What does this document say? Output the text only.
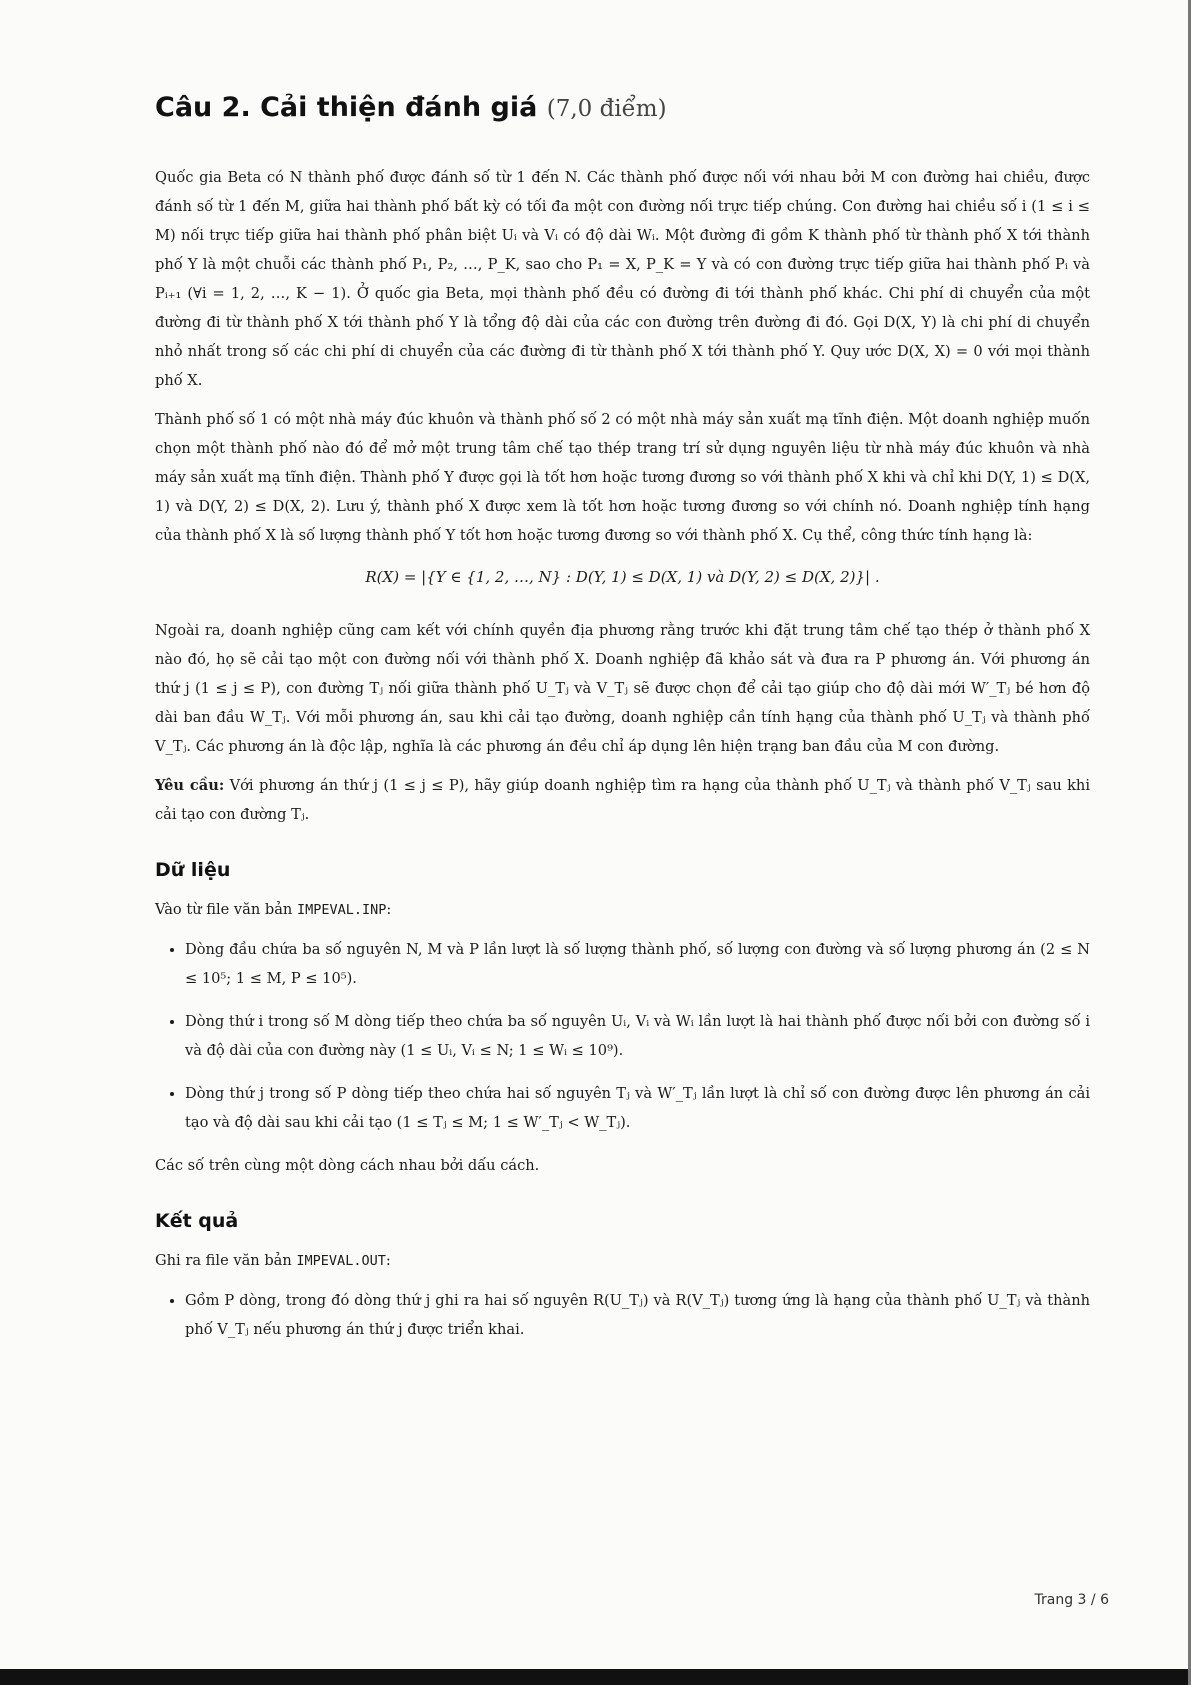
Câu 2. Cải thiện đánh giá (7,0 điểm)

Quốc gia Beta có N thành phố được đánh số từ 1 đến N. Các thành phố được nối với nhau bởi M con đường hai chiều, được đánh số từ 1 đến M, giữa hai thành phố bất kỳ có tối đa một con đường nối trực tiếp chúng. Con đường hai chiều số i (1 ≤ i ≤ M) nối trực tiếp giữa hai thành phố phân biệt Uᵢ và Vᵢ có độ dài Wᵢ. Một đường đi gồm K thành phố từ thành phố X tới thành phố Y là một chuỗi các thành phố P₁, P₂, …, P_K, sao cho P₁ = X, P_K = Y và có con đường trực tiếp giữa hai thành phố Pᵢ và Pᵢ₊₁ (∀i = 1, 2, …, K − 1). Ở quốc gia Beta, mọi thành phố đều có đường đi tới thành phố khác. Chi phí di chuyển của một đường đi từ thành phố X tới thành phố Y là tổng độ dài của các con đường trên đường đi đó. Gọi D(X, Y) là chi phí di chuyển nhỏ nhất trong số các chi phí di chuyển của các đường đi từ thành phố X tới thành phố Y. Quy ước D(X, X) = 0 với mọi thành phố X.

Thành phố số 1 có một nhà máy đúc khuôn và thành phố số 2 có một nhà máy sản xuất mạ tĩnh điện. Một doanh nghiệp muốn chọn một thành phố nào đó để mở một trung tâm chế tạo thép trang trí sử dụng nguyên liệu từ nhà máy đúc khuôn và nhà máy sản xuất mạ tĩnh điện. Thành phố Y được gọi là tốt hơn hoặc tương đương so với thành phố X khi và chỉ khi D(Y, 1) ≤ D(X, 1) và D(Y, 2) ≤ D(X, 2). Lưu ý, thành phố X được xem là tốt hơn hoặc tương đương so với chính nó. Doanh nghiệp tính hạng của thành phố X là số lượng thành phố Y tốt hơn hoặc tương đương so với thành phố X. Cụ thể, công thức tính hạng là:

R(X) = |{Y ∈ {1, 2, …, N} : D(Y, 1) ≤ D(X, 1) và D(Y, 2) ≤ D(X, 2)}| .

Ngoài ra, doanh nghiệp cũng cam kết với chính quyền địa phương rằng trước khi đặt trung tâm chế tạo thép ở thành phố X nào đó, họ sẽ cải tạo một con đường nối với thành phố X. Doanh nghiệp đã khảo sát và đưa ra P phương án. Với phương án thứ j (1 ≤ j ≤ P), con đường Tⱼ nối giữa thành phố U_Tⱼ và V_Tⱼ sẽ được chọn để cải tạo giúp cho độ dài mới W′_Tⱼ bé hơn độ dài ban đầu W_Tⱼ. Với mỗi phương án, sau khi cải tạo đường, doanh nghiệp cần tính hạng của thành phố U_Tⱼ và thành phố V_Tⱼ. Các phương án là độc lập, nghĩa là các phương án đều chỉ áp dụng lên hiện trạng ban đầu của M con đường.

Yêu cầu: Với phương án thứ j (1 ≤ j ≤ P), hãy giúp doanh nghiệp tìm ra hạng của thành phố U_Tⱼ và thành phố V_Tⱼ sau khi cải tạo con đường Tⱼ.

Dữ liệu

Vào từ file văn bản IMPEVAL.INP:

• Dòng đầu chứa ba số nguyên N, M và P lần lượt là số lượng thành phố, số lượng con đường và số lượng phương án (2 ≤ N ≤ 10⁵; 1 ≤ M, P ≤ 10⁵).
• Dòng thứ i trong số M dòng tiếp theo chứa ba số nguyên Uᵢ, Vᵢ và Wᵢ lần lượt là hai thành phố được nối bởi con đường số i và độ dài của con đường này (1 ≤ Uᵢ, Vᵢ ≤ N; 1 ≤ Wᵢ ≤ 10⁹).
• Dòng thứ j trong số P dòng tiếp theo chứa hai số nguyên Tⱼ và W′_Tⱼ lần lượt là chỉ số con đường được lên phương án cải tạo và độ dài sau khi cải tạo (1 ≤ Tⱼ ≤ M; 1 ≤ W′_Tⱼ < W_Tⱼ).

Các số trên cùng một dòng cách nhau bởi dấu cách.

Kết quả

Ghi ra file văn bản IMPEVAL.OUT:

• Gồm P dòng, trong đó dòng thứ j ghi ra hai số nguyên R(U_Tⱼ) và R(V_Tⱼ) tương ứng là hạng của thành phố U_Tⱼ và thành phố V_Tⱼ nếu phương án thứ j được triển khai.
Trang 3 / 6
